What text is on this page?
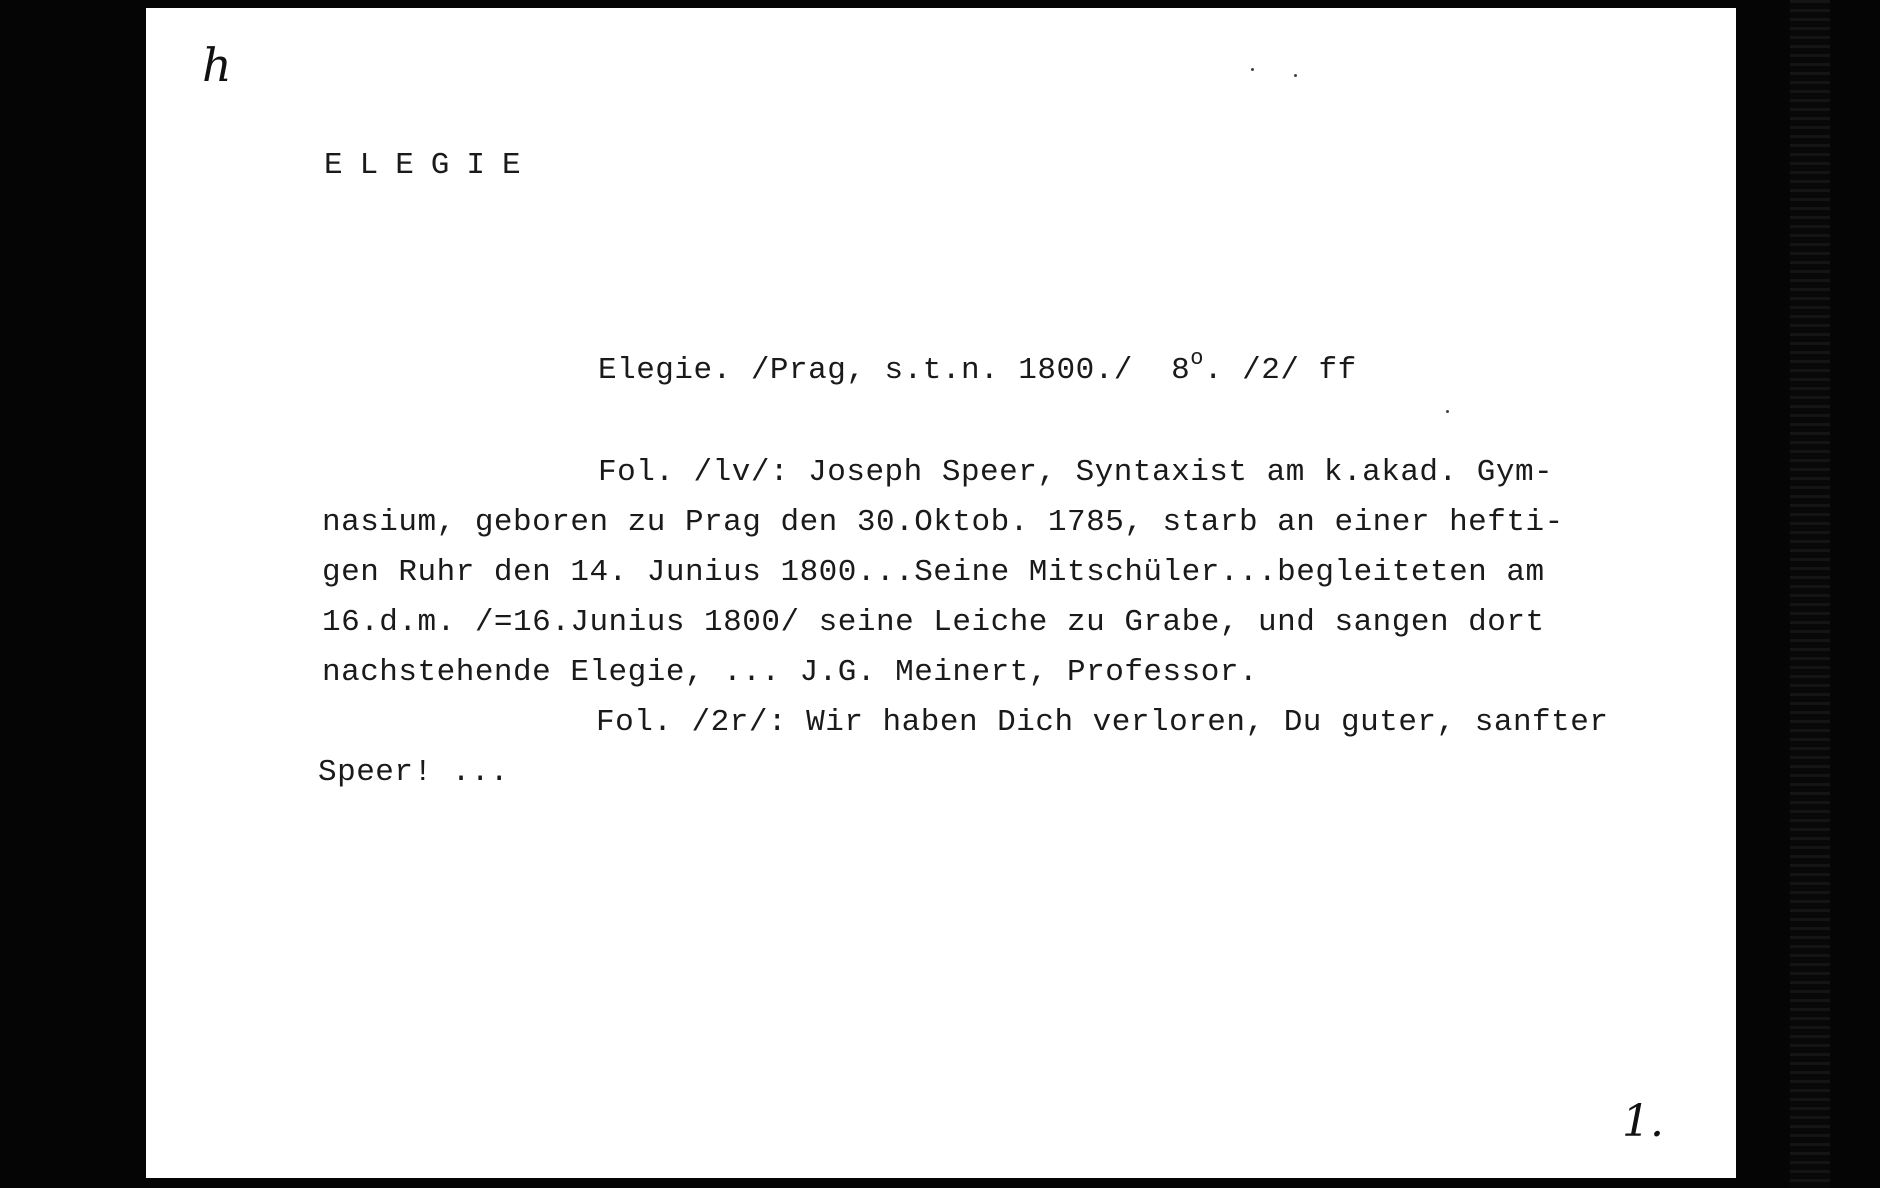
h
ELEGIE
Elegie. /Prag, s.t.n. 1800./  8$^o$. /2/ ff
Fol. /lv/: Joseph Speer, Syntaxist am k.akad. Gym-
nasium, geboren zu Prag den 30.Oktob. 1785, starb an einer hefti-
gen Ruhr den 14. Junius 1800...Seine Mitschüler...begleiteten am
16.d.m. /=16.Junius 1800/ seine Leiche zu Grabe, und sangen dort
nachstehende Elegie, ... J.G. Meinert, Professor.
Fol. /2r/: Wir haben Dich verloren, Du guter, sanfter
Speer! ...
1.
